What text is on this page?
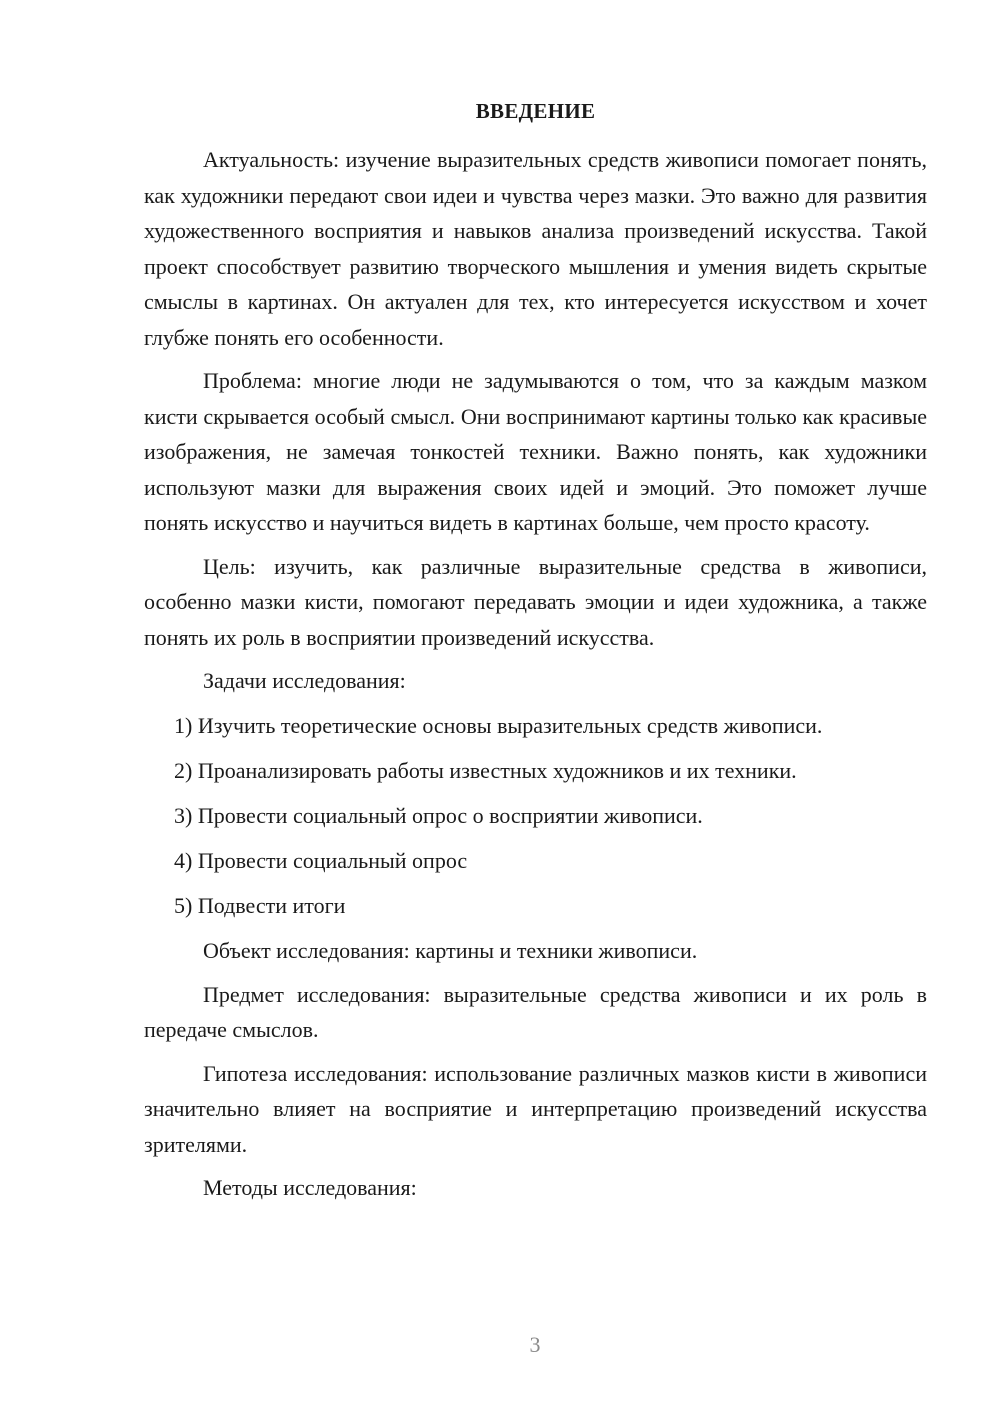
ВВЕДЕНИЕ

Актуальность: изучение выразительных средств живописи помогает понять, как художники передают свои идеи и чувства через мазки. Это важно для развития художественного восприятия и навыков анализа произведений искусства. Такой проект способствует развитию творческого мышления и умения видеть скрытые смыслы в картинах. Он актуален для тех, кто интересуется искусством и хочет глубже понять его особенности.

Проблема: многие люди не задумываются о том, что за каждым мазком кисти скрывается особый смысл. Они воспринимают картины только как красивые изображения, не замечая тонкостей техники. Важно понять, как художники используют мазки для выражения своих идей и эмоций. Это поможет лучше понять искусство и научиться видеть в картинах больше, чем просто красоту.

Цель: изучить, как различные выразительные средства в живописи, особенно мазки кисти, помогают передавать эмоции и идеи художника, а также понять их роль в восприятии произведений искусства.

Задачи исследования:

1) Изучить теоретические основы выразительных средств живописи.
2) Проанализировать работы известных художников и их техники.
3) Провести социальный опрос о восприятии живописи.
4) Провести социальный опрос
5) Подвести итоги

Объект исследования: картины и техники живописи.

Предмет исследования: выразительные средства живописи и их роль в передаче смыслов.

Гипотеза исследования: использование различных мазков кисти в живописи значительно влияет на восприятие и интерпретацию произведений искусства зрителями.

Методы исследования:

3
